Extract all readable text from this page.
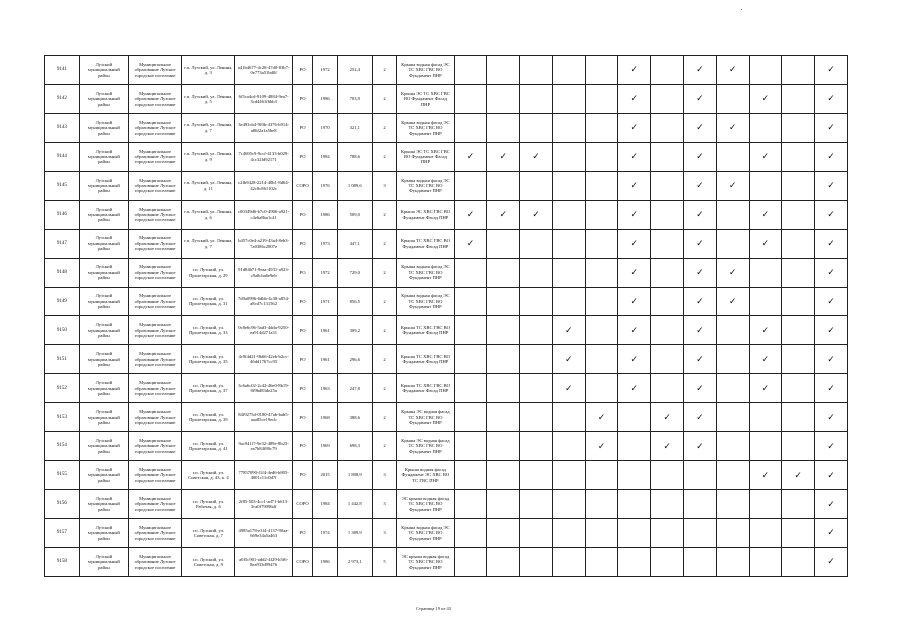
9141	Лузский муниципальный район	Муниципальное образование Лузское городское поселение	г.п. Лузский, ул. Ленина, д. 3	a41b4677-4c28-47d0-83b7-0e773a51bd0f	РО	1972	252,4	2	Крыша водная фасад ЭС ТС ХВС ГВС ВО Фундамент ПНР						✓		✓	✓			✓
9142	Лузский муниципальный район	Муниципальное образование Лузское городское поселение	г.п. Лузский, ул. Ленина, д. 5	6f5ca4cd-9109-4884-9ea7-3cd4461f6bb3	РО	1986	703,9	2	Крыша ЭС ТС ХВС ГВС ВО Фундамент Фасад ПНР						✓		✓		✓		✓
9143	Лузский муниципальный район	Муниципальное образование Лузское городское поселение	г.п. Лузский, ул. Ленина, д. 7	3e493cb4-9f0b-4376-b914-a86f2a1a5be8	РО	1970	321,1	2	Крыша водная фасад ЭС ТС ХВС ГВС ВО Фундамент ПНР						✓		✓	✓			✓
9144	Лузский муниципальный район	Муниципальное образование Лузское городское поселение	г.п. Лузский, ул. Ленина, д. 9	7c4695c9-9ccf-4133-b029-4cc32fd92171	РО	1984	788,6	2	Крыша ЭС ТС ХВС ГВС ВО Фундамент Фасад ПНР	✓	✓	✓			✓		✓		✓		✓
9145	Лузский муниципальный район	Муниципальное образование Лузское городское поселение	г.п. Лузский, ул. Ленина, д. 11	c2fb9428-2214-40b1-8d64-42c8c861102c	СОРО	1976	1 089,6	3	Крыша водная фасад ЭС ТС ХВС ГВС ВО Фундамент ПНР						✓		✓	✓			✓
9146	Лузский муниципальный район	Муниципальное образование Лузское городское поселение	г.п. Лузский, ул. Ленина, д. 6	c00349d6-b7c0-4906-a921-c4e6a8ba1c41	РО	1986	509,0	2	Крыша ЭС ХВС ГВС ВО Фундамент Фасад ПНР	✓	✓	✓			✓		✓		✓		✓
9147	Лузский муниципальный район	Муниципальное образование Лузское городское поселение	г.п. Лузский, ул. Ленина, д. 7	b457c0e4-a219-43a4-8eb3-7a0386c2807e	РО	1973	447,1	2	Крыша ТС ХВС ГВС ВО Фундамент Фасад ПНР	✓					✓		✓		✓		✓
9148	Лузский муниципальный район	Муниципальное образование Лузское городское поселение	г.п. Лузский, ул. Пролетарская, д. 29	91d84b71-9eaa-4931-a923-c9a8cba6e9eb	РО	1972	729,0	2	Крыша водная фасад ЭС ТС ХВС ГВС ВО Фундамент ПНР						✓		✓	✓			✓
9149	Лузский муниципальный район	Муниципальное образование Лузское городское поселение	г.п. Лузский, ул. Пролетарская, д. 31	7d0a0996-6dbb-4c38-a854-a8cd7c131562	РО	1971	856,5	2	Крыша водная фасад ЭС ТС ХВС ГВС ВО Фундамент ПНР						✓		✓	✓			✓
9150	Лузский муниципальный район	Муниципальное образование Лузское городское поселение	г.п. Лузский, ул. Пролетарская, д. 33	0c8e6c96-5ad3-4dda-9250-ea914d271a31	РО	1961	309,2	2	Крыша ТС ХВС ГВС ВО Фундамент Фасад ПНР				✓		✓		✓		✓		✓
9151	Лузский муниципальный район	Муниципальное образование Лузское городское поселение	г.п. Лузский, ул. Пролетарская, д. 35	4c9f4d21-9b66-42eb-b2cc-46dd1767cc95	РО	1961	296,6	2	Крыша ТС ХВС ГВС ВО Фундамент Фасад ПНР				✓		✓		✓		✓		✓
9152	Лузский муниципальный район	Муниципальное образование Лузское городское поселение	г.п. Лузский, ул. Пролетарская, д. 37	3c6a6c02-2c42-46e0-8b19-8f9bd83de25a	РО	1963	247,8	2	Крыша ТС ХВС ГВС ВО Фундамент Фасад ПНР				✓		✓		✓		✓		✓
9153	Лузский муниципальный район	Муниципальное образование Лузское городское поселение	г.п. Лузский, ул. Пролетарская, д. 39	84f9275d-0180-47ab-bab5-aaa85ce19ecb	РО	1968	388,6	2	Крыша ЭС водная фасад ТС ХВС ГВС ВО Фундамент ПНР					✓		✓	✓				✓
9154	Лузский муниципальный район	Муниципальное образование Лузское городское поселение	г.п. Лузский, ул. Пролетарская, д. 41	9ac94f17-9e32-489e-8b23-ea7b84f80c79	РО	1969	698,3	2	Крыша ЭС водная фасад ТС ХВС ГВС ВО Фундамент ПНР					✓		✓	✓				✓
9155	Лузский муниципальный район	Муниципальное образование Лузское городское поселение	г.п. Лузский, ул. Советская, д. 43, к. 4	77857090-f1f4-4ed6-b805-4001c11c0d7f	РО	2015	1 808,9	3	Крыша водная фасад Фундамент ЭС ХВС ВО ТС ГВС ПНР										✓	✓	✓
9156	Лузский муниципальный район	Муниципальное образование Лузское городское поселение	г.п. Лузский, ул. Рабочая, д. 6	2f85-503-4cc1-ad71-b613-3ca0f79096df	СОРО	1984	1 442,8	3	ЭС крыша водная фасад ТС ХВС ГВС ВО Фундамент ПНР												✓
9157	Лузский муниципальный район	Муниципальное образование Лузское городское поселение	г.п. Лузский, ул. Советская, д. 7	4985a178-e3f4-4137-90aa-669e34a5a463	РО	1974	1 389,9	3	Крыша водная фасад ЭС ТС ХВС ГВС ВО Фундамент ПНР												✓
9158	Лузский муниципальный район	Муниципальное образование Лузское городское поселение	г.п. Лузский, ул. Советская, д. 9	a0f5c901-add2-4f29-b5f6-8ea933d99476	СОРО	1986	2 973,1	5	ЭС крыша водная фасад ТС ХВС ГВС ВО Фундамент ПНР												✓
Страница 19 из 43
